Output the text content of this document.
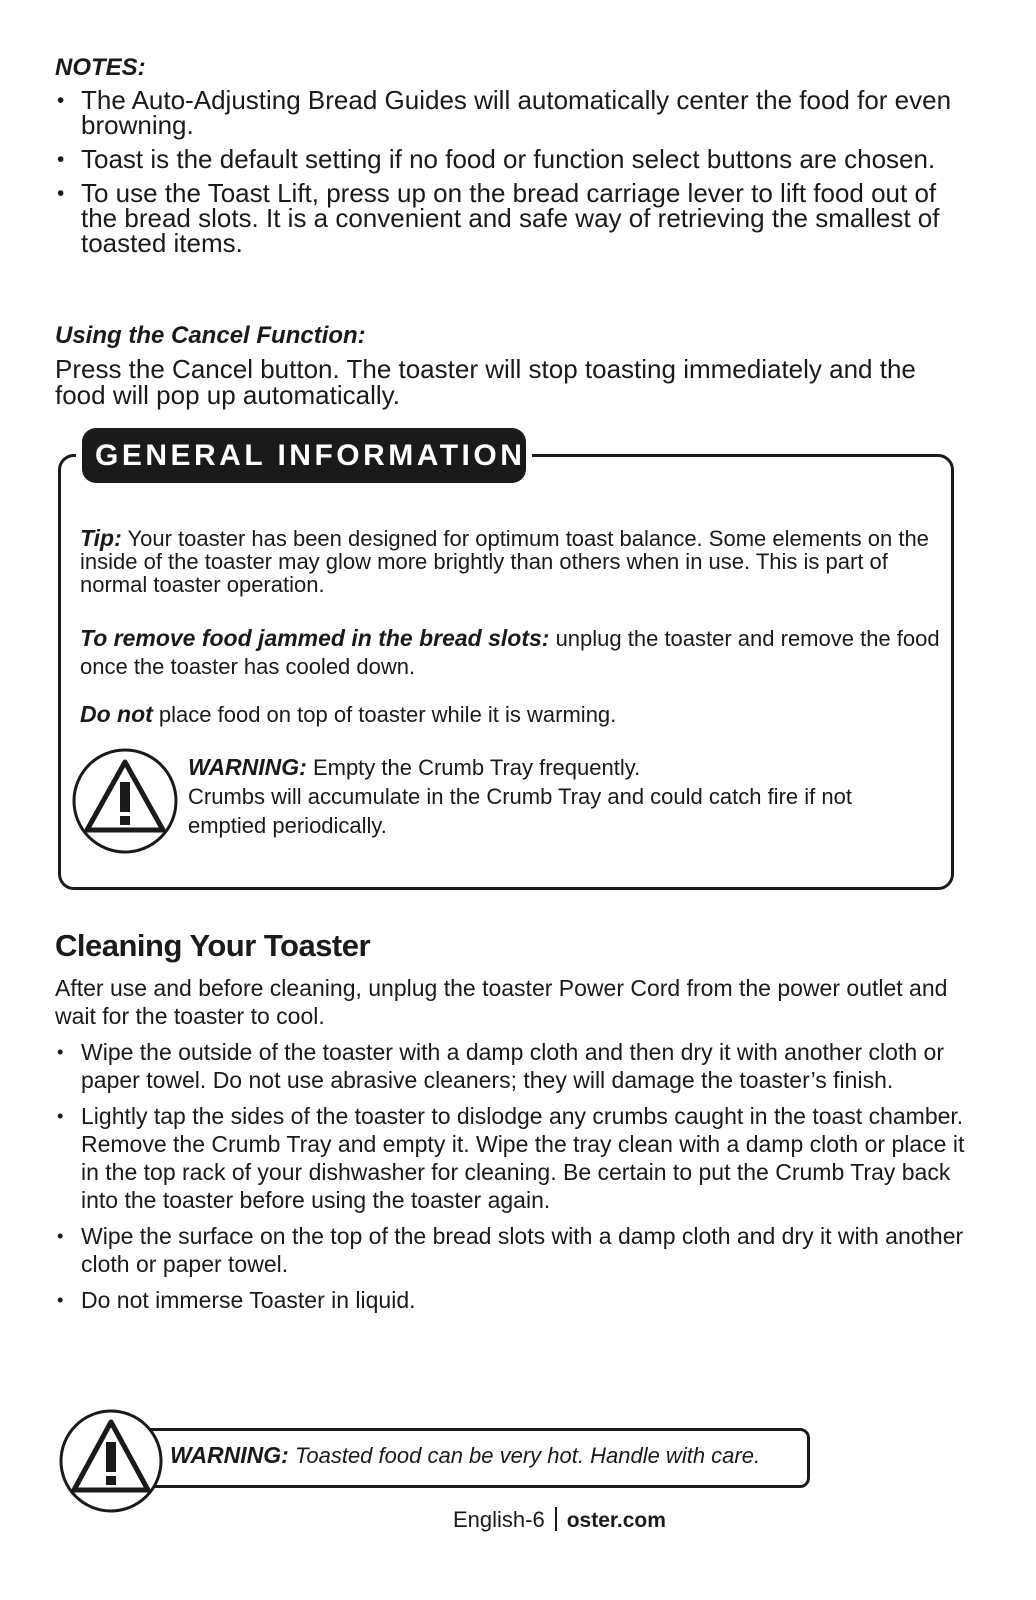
NOTES:
• The Auto-Adjusting Bread Guides will automatically center the food for even browning.
• Toast is the default setting if no food or function select buttons are chosen.
• To use the Toast Lift, press up on the bread carriage lever to lift food out of the bread slots. It is a convenient and safe way of retrieving the smallest of toasted items.
Using the Cancel Function:
Press the Cancel button. The toaster will stop toasting immediately and the food will pop up automatically.
GENERAL INFORMATION
Tip: Your toaster has been designed for optimum toast balance. Some elements on the inside of the toaster may glow more brightly than others when in use. This is part of normal toaster operation.
To remove food jammed in the bread slots: unplug the toaster and remove the food once the toaster has cooled down.
Do not place food on top of toaster while it is warming.
WARNING: Empty the Crumb Tray frequently.
Crumbs will accumulate in the Crumb Tray and could catch fire if not emptied periodically.
Cleaning Your Toaster
After use and before cleaning, unplug the toaster Power Cord from the power outlet and wait for the toaster to cool.
• Wipe the outside of the toaster with a damp cloth and then dry it with another cloth or paper towel. Do not use abrasive cleaners; they will damage the toaster’s finish.
• Lightly tap the sides of the toaster to dislodge any crumbs caught in the toast chamber. Remove the Crumb Tray and empty it. Wipe the tray clean with a damp cloth or place it in the top rack of your dishwasher for cleaning. Be certain to put the Crumb Tray back into the toaster before using the toaster again.
• Wipe the surface on the top of the bread slots with a damp cloth and dry it with another cloth or paper towel.
• Do not immerse Toaster in liquid.
WARNING: Toasted food can be very hot. Handle with care.
English-6 oster.com
